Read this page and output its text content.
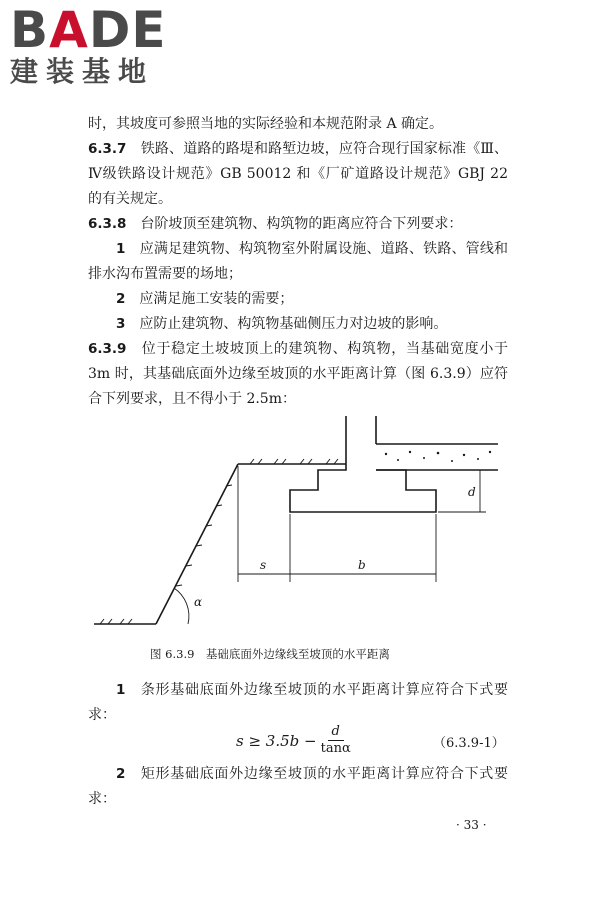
BADE
建装基地

时，其坡度可参照当地的实际经验和本规范附录 A 确定。

6.3.7　 铁路、道路的路堤和路堑边坡，应符合现行国家标准《Ⅲ、Ⅳ级铁路设计规范》GB 50012 和《厂矿道路设计规范》GBJ 22 的有关规定。

6.3.8　 台阶坡顶至建筑物、构筑物的距离应符合下列要求：

1　 应满足建筑物、构筑物室外附属设施、道路、铁路、管线和排水沟布置需要的场地；

2　 应满足施工安装的需要；

3　 应防止建筑物、构筑物基础侧压力对边坡的影响。

6.3.9　 位于稳定土坡坡顶上的建筑物、构筑物，当基础宽度小于 3m 时，其基础底面外边缘至坡顶的水平距离计算（图 6.3.9）应符合下列要求，且不得小于 2.5m：

s	b
d
α
图 6.3.9　基础底面外边缘线至坡顶的水平距离

1　 条形基础底面外边缘至坡顶的水平距离计算应符合下式要求：

$s \ge 3.5b - \frac{d}{\tan\alpha}$	（6.3.9-1）

2　 矩形基础底面外边缘至坡顶的水平距离计算应符合下式要求：

· 33 ·
